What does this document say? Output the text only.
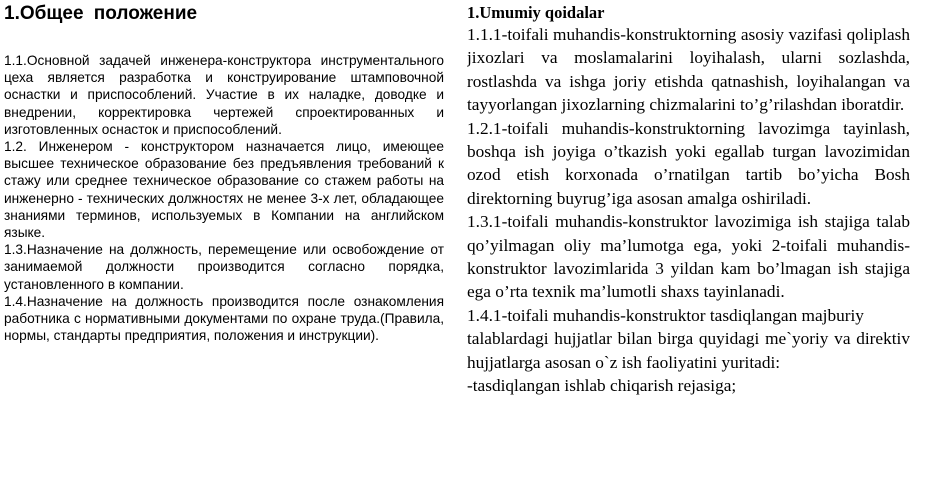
1.Общее положение

1.1.Основной задачей инженера-конструктора инструментального цеха является разработка и конструирование штамповочной оснастки и приспособлений. Участие в их наладке, доводке и внедрении, корректировка чертежей спроектированных и изготовленных оснасток и приспособлений.

1.2. Инженером - конструктором назначается лицо, имеющее высшее техническое образование без предъявления требований к стажу или среднее техническое образование со стажем работы на инженерно - технических должностях не менее 3-х лет, обладающее знаниями терминов, используемых в Компании на английском языке.

1.3.Назначение на должность, перемещение или освобождение от занимаемой должности производится согласно порядка, установленного в компании.

1.4.Назначение на должность производится после ознакомления работника с нормативными документами по охране труда.(Правила, нормы, стандарты предприятия, положения и инструкции).

1.Umumiy qoidalar

1.1.1-toifali muhandis-konstruktorning asosiy vazifasi qoliplash jixozlari va moslamalarini loyihalash, ularni sozlashda, rostlashda va ishga joriy etishda qatnashish, loyihalangan va tayyorlangan jixozlarning chizmalarini to’g’rilashdan iboratdir.

1.2.1-toifali muhandis-konstruktorning lavozimga tayinlash, boshqa ish joyiga o’tkazish yoki egallab turgan lavozimidan ozod etish korxonada o’rnatilgan tartib bo’yicha Bosh direktorning buyrug’iga asosan amalga oshiriladi.

1.3.1-toifali muhandis-konstruktor lavozimiga ish stajiga talab qo’yilmagan oliy ma’lumotga ega, yoki 2-toifali muhandis-konstruktor lavozimlarida 3 yildan kam bo’lmagan ish stajiga ega o’rta texnik ma’lumotli shaxs tayinlanadi.

1.4.1-toifali muhandis-konstruktor tasdiqlangan majburiy

talablardagi hujjatlar bilan birga quyidagi me`yoriy va direktiv hujjatlarga asosan o`z ish faoliyatini yuritadi:

-tasdiqlangan ishlab chiqarish rejasiga;
